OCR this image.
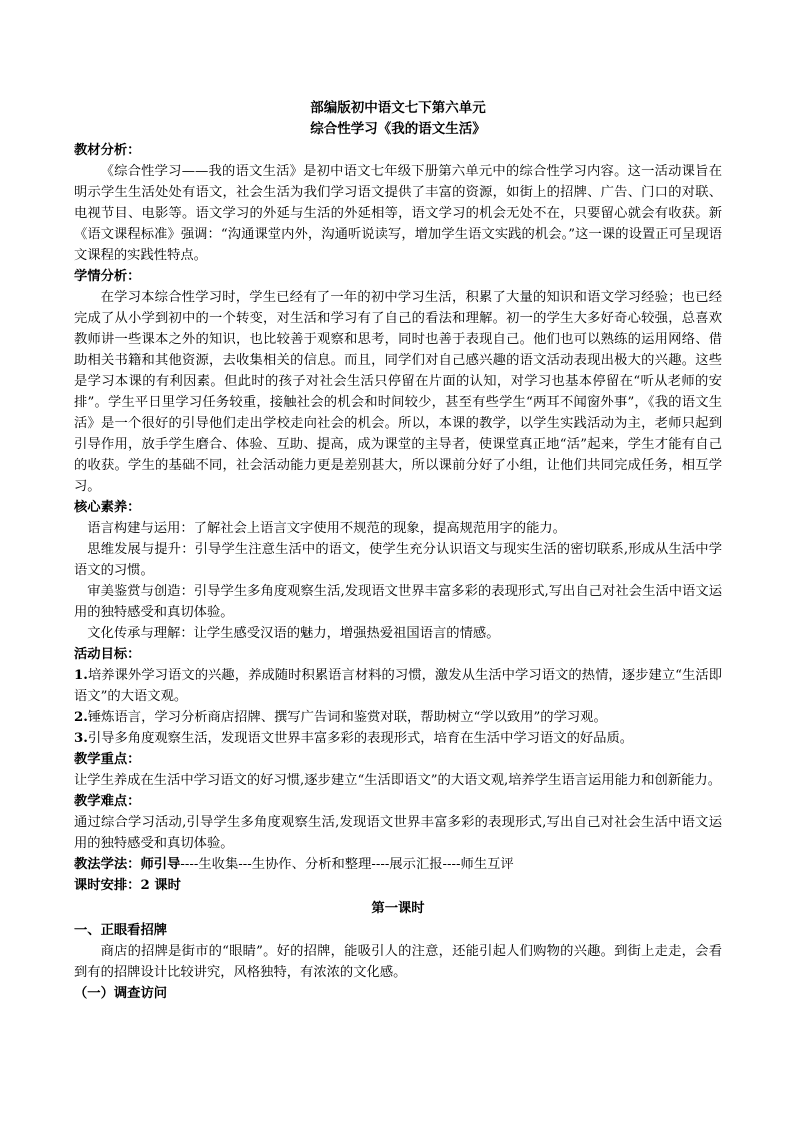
部编版初中语文七下第六单元
综合性学习《我的语文生活》
教材分析：

《综合性学习——我的语文生活》是初中语文七年级下册第六单元中的综合性学习内容。这一活动课旨在明示学生生活处处有语文，社会生活为我们学习语文提供了丰富的资源，如街上的招牌、广告、门口的对联、电视节目、电影等。语文学习的外延与生活的外延相等，语文学习的机会无处不在，只要留心就会有收获。新《语文课程标准》强调：“沟通课堂内外，沟通听说读写，增加学生语文实践的机会。”这一课的设置正可呈现语文课程的实践性特点。

学情分析：

在学习本综合性学习时，学生已经有了一年的初中学习生活，积累了大量的知识和语文学习经验；也已经完成了从小学到初中的一个转变，对生活和学习有了自己的看法和理解。初一的学生大多好奇心较强，总喜欢教师讲一些课本之外的知识，也比较善于观察和思考，同时也善于表现自己。他们也可以熟练的运用网络、借助相关书籍和其他资源，去收集相关的信息。而且，同学们对自己感兴趣的语文活动表现出极大的兴趣。这些是学习本课的有利因素。但此时的孩子对社会生活只停留在片面的认知，对学习也基本停留在“听从老师的安排”。学生平日里学习任务较重，接触社会的机会和时间较少，甚至有些学生“两耳不闻窗外事”，《我的语文生活》是一个很好的引导他们走出学校走向社会的机会。所以，本课的教学，以学生实践活动为主，老师只起到引导作用，放手学生磨合、体验、互助、提高，成为课堂的主导者，使课堂真正地“活”起来，学生才能有自己的收获。学生的基础不同，社会活动能力更是差别甚大，所以课前分好了小组，让他们共同完成任务，相互学习。

核心素养：

语言构建与运用：了解社会上语言文字使用不规范的现象，提高规范用字的能力。

思维发展与提升：引导学生注意生活中的语文，使学生充分认识语文与现实生活的密切联系,形成从生活中学语文的习惯。

审美鉴赏与创造：引导学生多角度观察生活,发现语文世界丰富多彩的表现形式,写出自己对社会生活中语文运用的独特感受和真切体验。

文化传承与理解：让学生感受汉语的魅力，增强热爱祖国语言的情感。

活动目标：

1.培养课外学习语文的兴趣，养成随时积累语言材料的习惯，激发从生活中学习语文的热情，逐步建立“生活即语文”的大语文观。

2.锤炼语言，学习分析商店招牌、撰写广告词和鉴赏对联，帮助树立“学以致用”的学习观。

3.引导多角度观察生活，发现语文世界丰富多彩的表现形式，培育在生活中学习语文的好品质。

教学重点：

让学生养成在生活中学习语文的好习惯,逐步建立“生活即语文”的大语文观,培养学生语言运用能力和创新能力。

教学难点：

通过综合学习活动,引导学生多角度观察生活,发现语文世界丰富多彩的表现形式,写出自己对社会生活中语文运用的独特感受和真切体验。

教法学法：师引导----生收集---生协作、分析和整理----展示汇报----师生互评

课时安排：2 课时
第一课时
一、正眼看招牌

商店的招牌是街市的“眼睛”。好的招牌，能吸引人的注意，还能引起人们购物的兴趣。到街上走走，会看到有的招牌设计比较讲究，风格独特，有浓浓的文化感。

（一）调查访问
